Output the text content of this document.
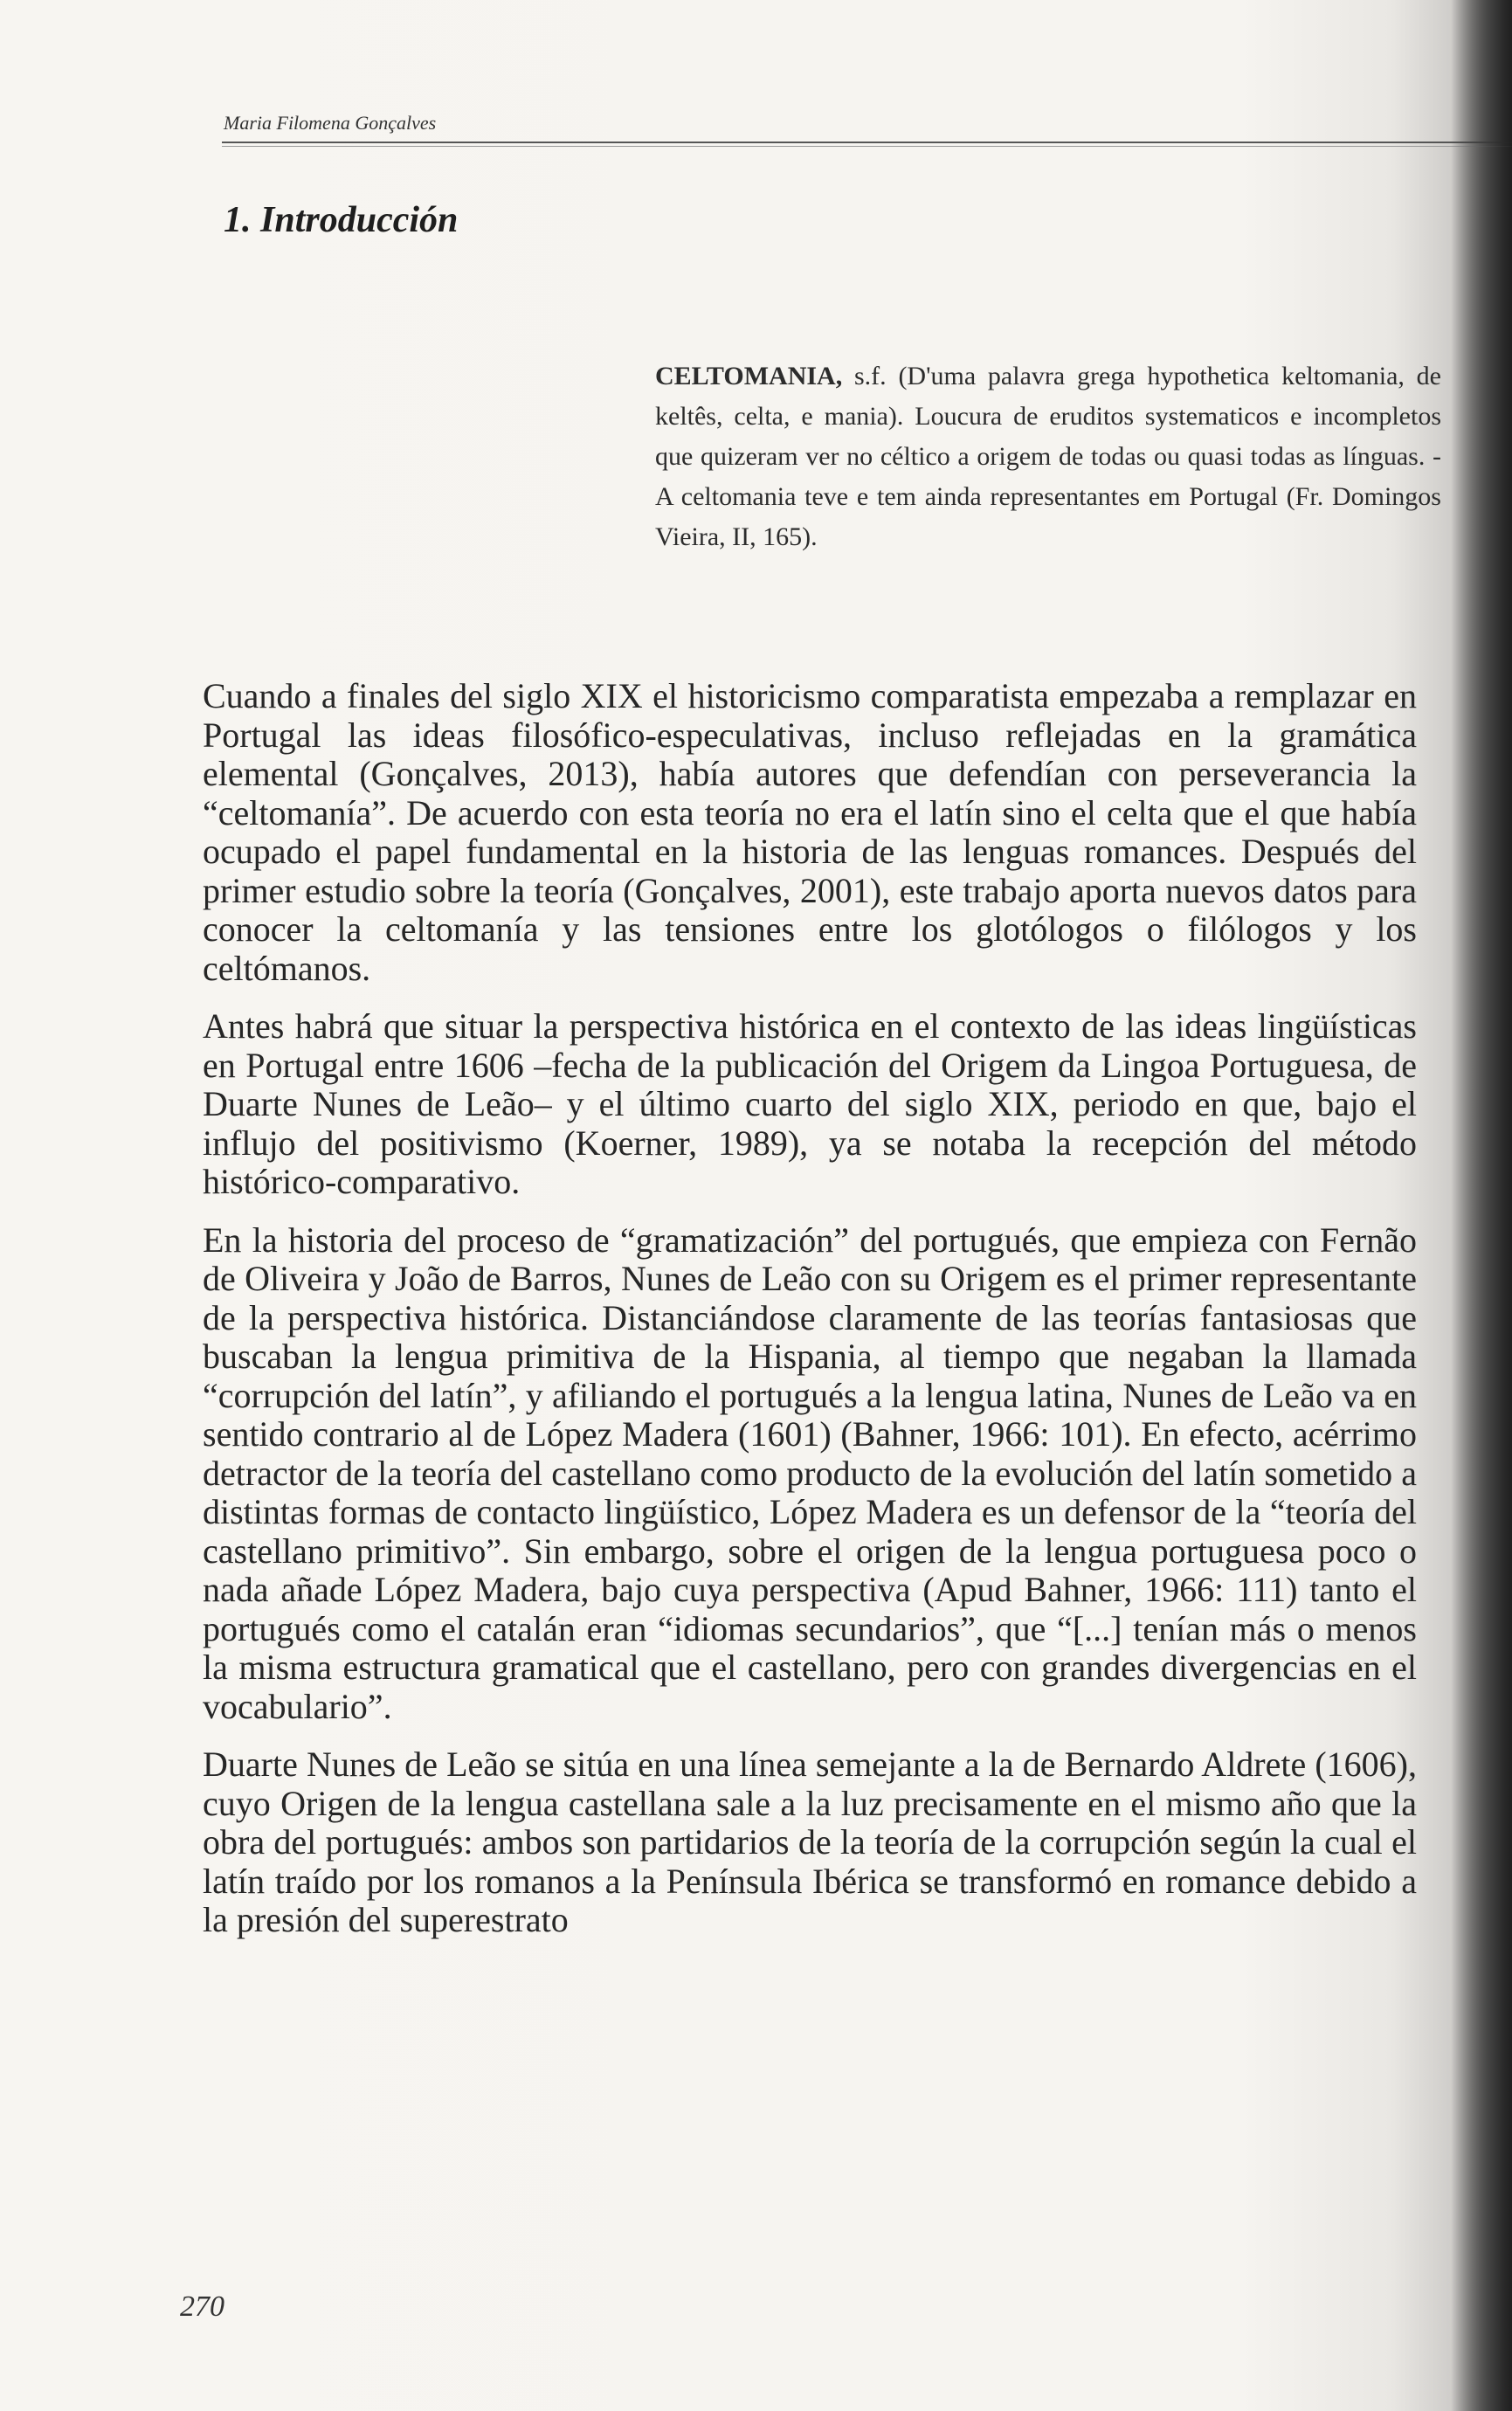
Maria Filomena Gonçalves
1. Introducción

CELTOMANIA, s.f. (D'uma palavra grega hypothetica keltomania, de keltês, celta, e mania). Loucura de eruditos systematicos e incompletos que quizeram ver no céltico a origem de todas ou quasi todas as línguas. - A celtomania teve e tem ainda representantes em Portugal (Fr. Domingos Vieira, II, 165).

Cuando a finales del siglo XIX el historicismo comparatista empezaba a remplazar en Portugal las ideas filosófico-especulativas, incluso reflejadas en la gramática elemental (Gonçalves, 2013), había autores que defendían con perseverancia la “celtomanía”. De acuerdo con esta teoría no era el latín sino el celta que el que había ocupado el papel fundamental en la historia de las lenguas romances. Después del primer estudio sobre la teoría (Gonçalves, 2001), este trabajo aporta nuevos datos para conocer la celtomanía y las tensiones entre los glotólogos o filólogos y los celtómanos.

Antes habrá que situar la perspectiva histórica en el contexto de las ideas lingüísticas en Portugal entre 1606 –fecha de la publicación del Origem da Lingoa Portuguesa, de Duarte Nunes de Leão– y el último cuarto del siglo XIX, periodo en que, bajo el influjo del positivismo (Koerner, 1989), ya se notaba la recepción del método histórico-comparativo.

En la historia del proceso de “gramatización” del portugués, que empieza con Fernão de Oliveira y João de Barros, Nunes de Leão con su Origem es el primer representante de la perspectiva histórica. Distanciándose claramente de las teorías fantasiosas que buscaban la lengua primitiva de la Hispania, al tiempo que negaban la llamada “corrupción del latín”, y afiliando el portugués a la lengua latina, Nunes de Leão va en sentido contrario al de López Madera (1601) (Bahner, 1966: 101). En efecto, acérrimo detractor de la teoría del castellano como producto de la evolución del latín sometido a distintas formas de contacto lingüístico, López Madera es un defensor de la “teoría del castellano primitivo”. Sin embargo, sobre el origen de la lengua portuguesa poco o nada añade López Madera, bajo cuya perspectiva (Apud Bahner, 1966: 111) tanto el portugués como el catalán eran “idiomas secundarios”, que “[...] tenían más o menos la misma estructura gramatical que el castellano, pero con grandes divergencias en el vocabulario”.

Duarte Nunes de Leão se sitúa en una línea semejante a la de Bernardo Aldrete (1606), cuyo Origen de la lengua castellana sale a la luz precisamente en el mismo año que la obra del portugués: ambos son partidarios de la teoría de la corrupción según la cual el latín traído por los romanos a la Península Ibérica se transformó en romance debido a la presión del superestrato

270
